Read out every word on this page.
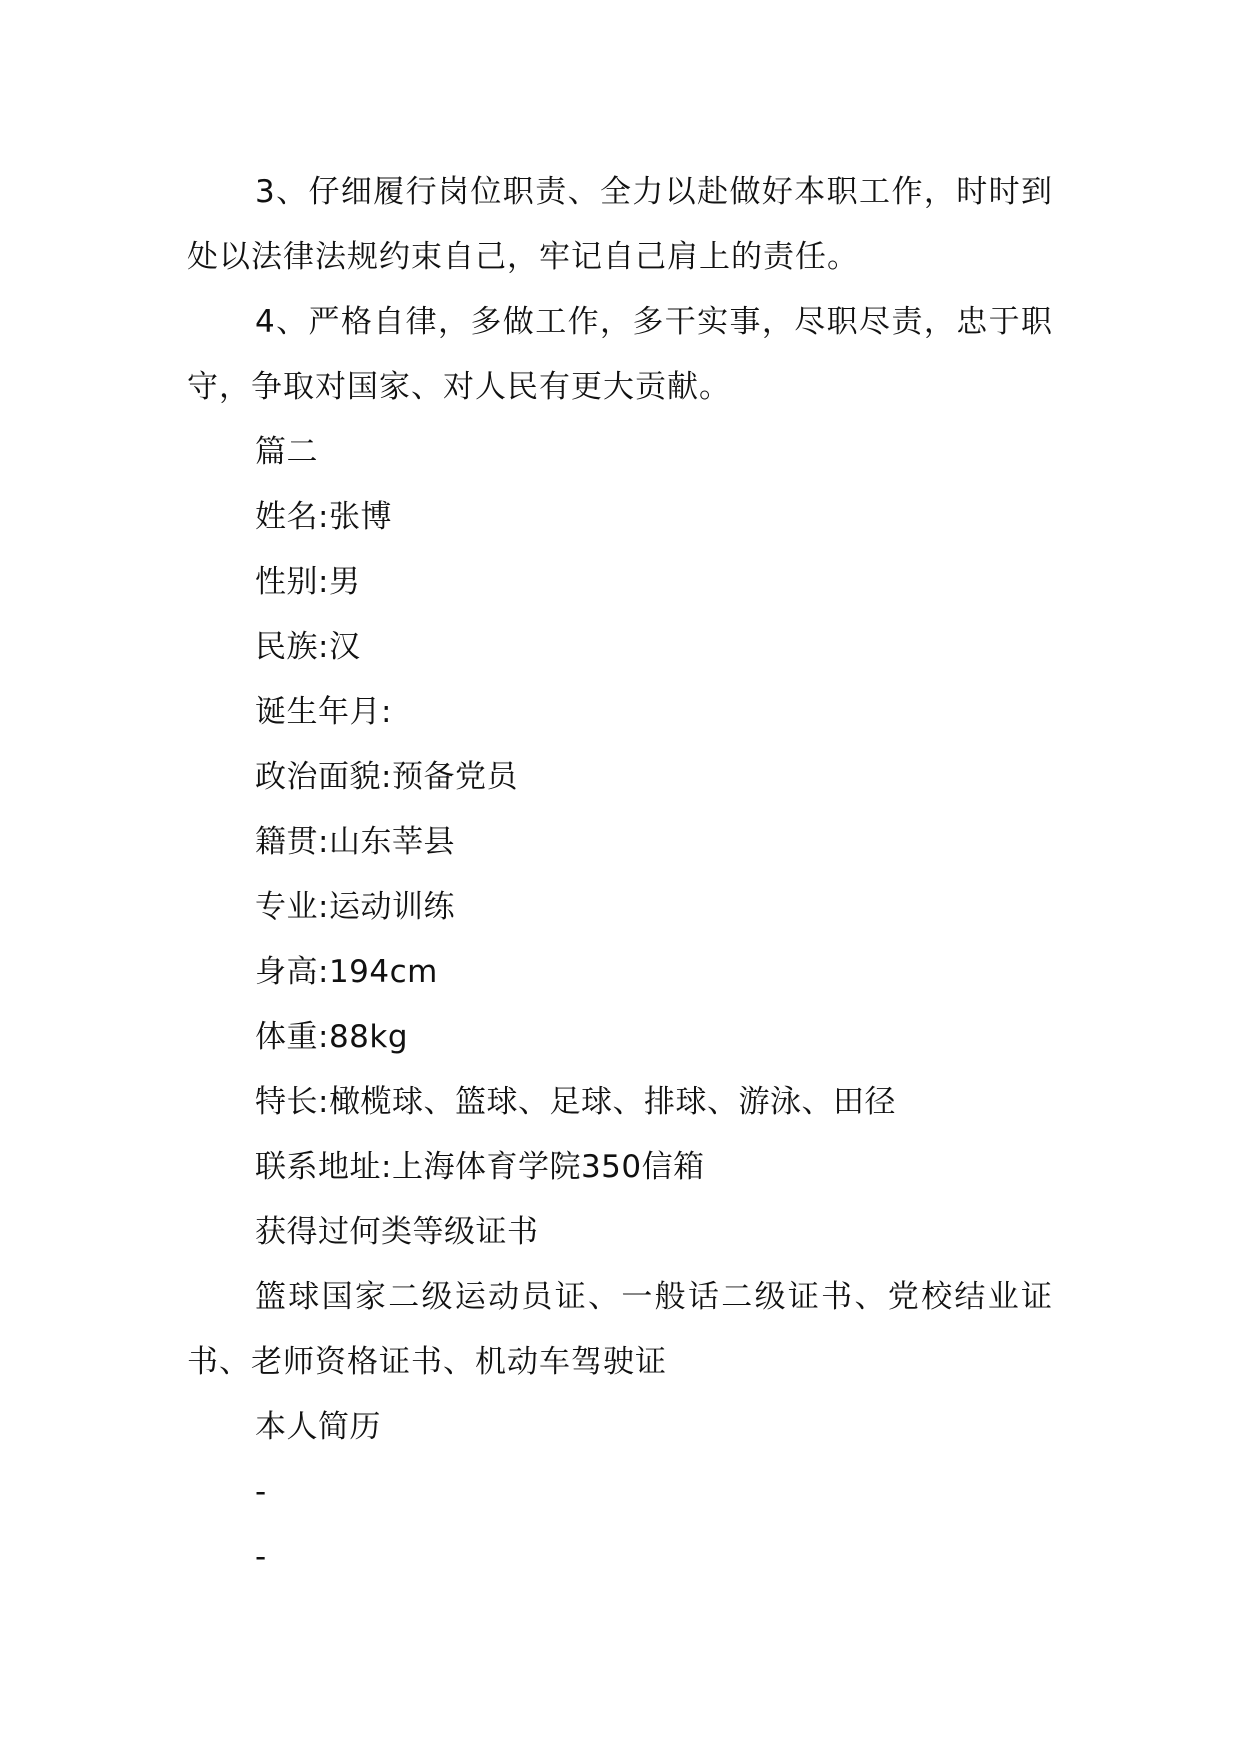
3、仔细履行岗位职责、全力以赴做好本职工作，时时到处以法律法规约束自己，牢记自己肩上的责任。

4、严格自律，多做工作，多干实事，尽职尽责，忠于职守，争取对国家、对人民有更大贡献。

篇二

姓名:张博

性别:男

民族:汉

诞生年月:

政治面貌:预备党员

籍贯:山东莘县

专业:运动训练

身高:194cm

体重:88kg

特长:橄榄球、篮球、足球、排球、游泳、田径

联系地址:上海体育学院350信箱

获得过何类等级证书

篮球国家二级运动员证、一般话二级证书、党校结业证书、老师资格证书、机动车驾驶证

本人简历

-

-
